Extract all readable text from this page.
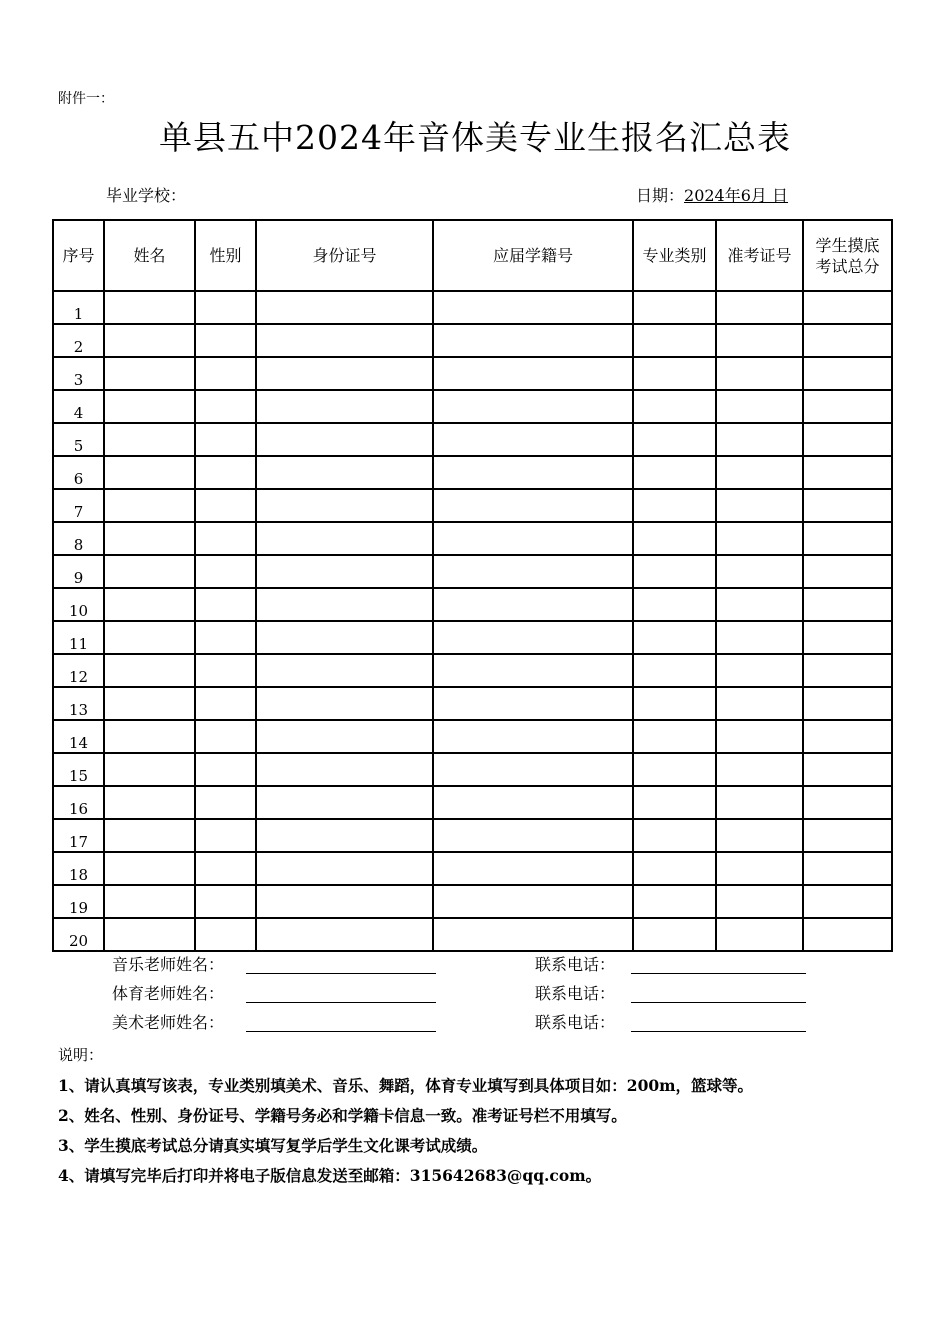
附件一：
单县五中2024年音体美专业生报名汇总表
毕业学校：	日期：2024年6月 日
序号	姓名	性别	身份证号	应届学籍号	专业类别	准考证号	学生摸底考试总分
1							
2							
3							
4							
5							
6							
7							
8							
9							
10							
11							
12							
13							
14							
15							
16							
17							
18							
19							
20							
音乐老师姓名：	联系电话：
体育老师姓名：	联系电话：
美术老师姓名：	联系电话：
说明：
1、请认真填写该表，专业类别填美术、音乐、舞蹈，体育专业填写到具体项目如：200m，篮球等。
2、姓名、性别、身份证号、学籍号务必和学籍卡信息一致。准考证号栏不用填写。
3、学生摸底考试总分请真实填写复学后学生文化课考试成绩。
4、请填写完毕后打印并将电子版信息发送至邮箱：315642683@qq.com。
